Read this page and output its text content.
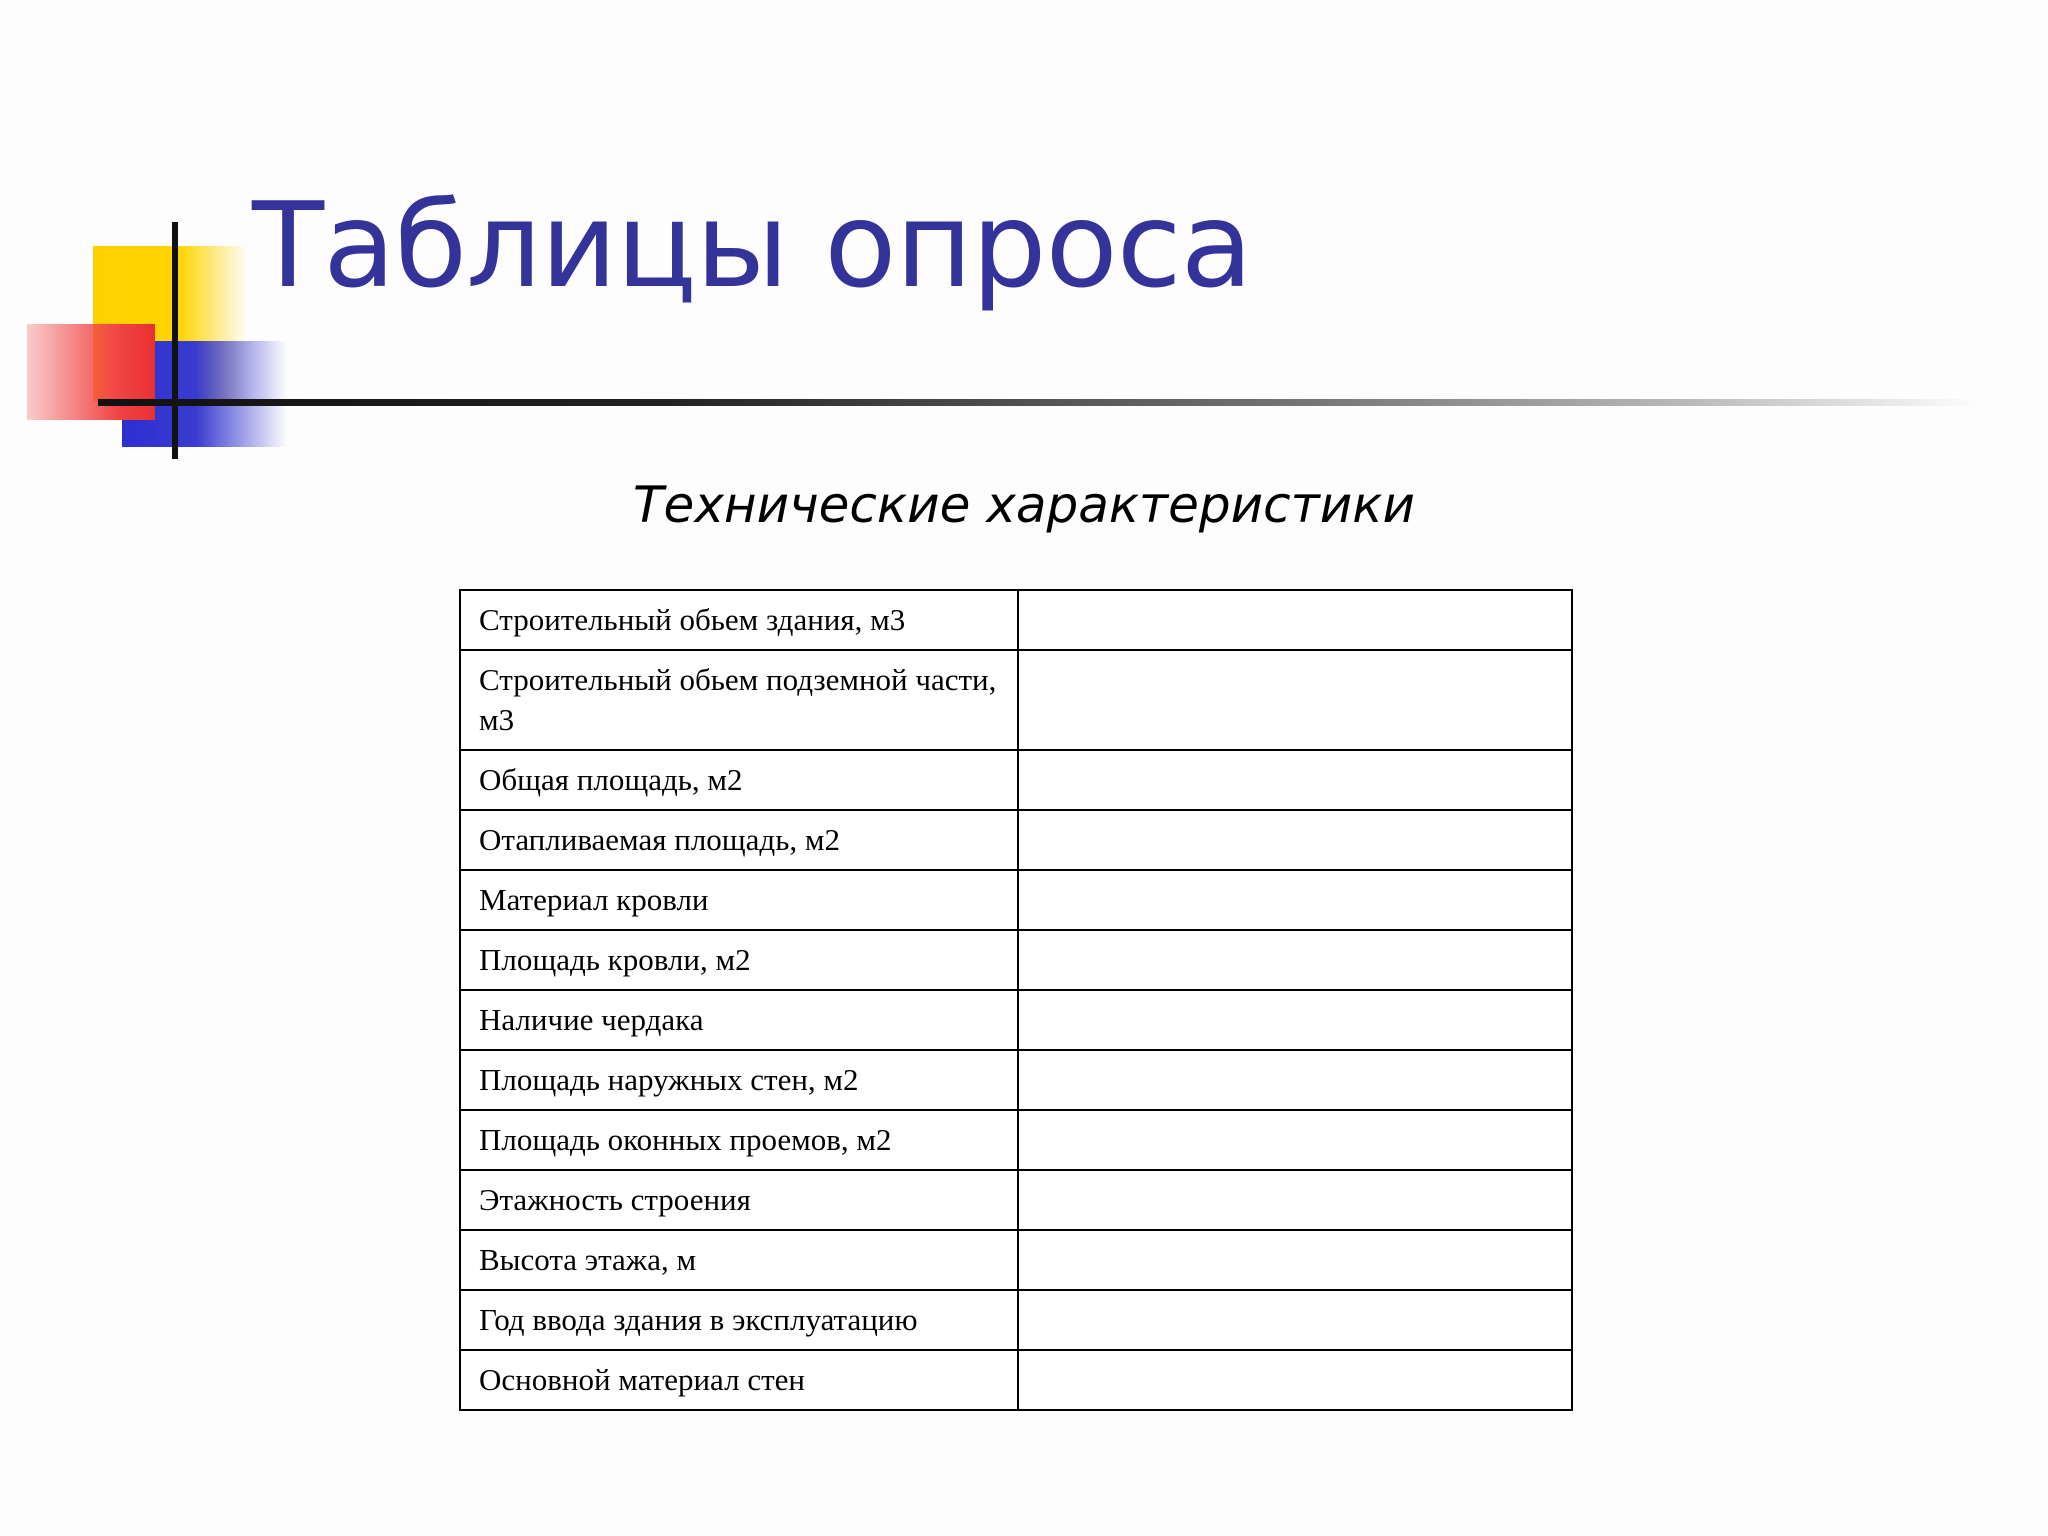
Таблицы опроса
Технические характеристики
Строительный обьем здания, м3	
Строительный обьем подземной части, м3	
Общая площадь, м2	
Отапливаемая площадь, м2	
Материал кровли	
Площадь кровли, м2	
Наличие чердака	
Площадь наружных стен, м2	
Площадь оконных проемов, м2	
Этажность строения	
Высота этажа, м	
Год ввода здания в эксплуатацию	
Основной материал стен	
